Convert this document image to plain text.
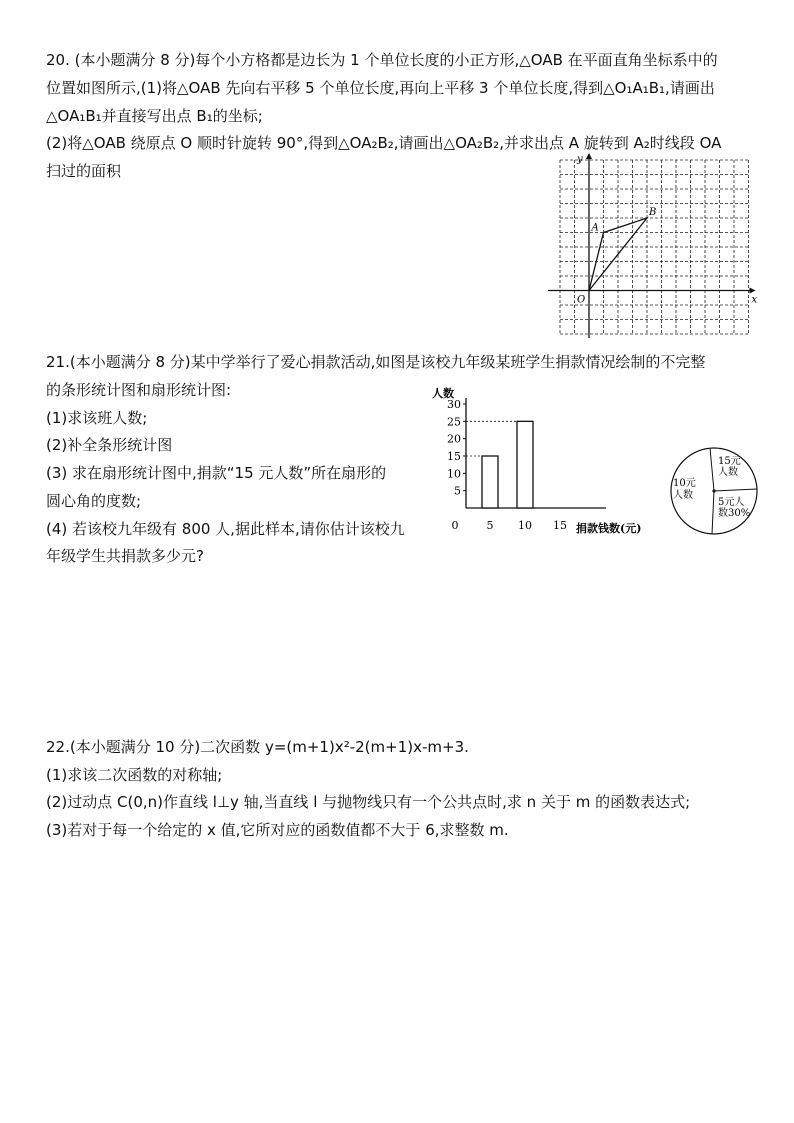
20. (本小题满分 8 分)每个小方格都是边长为 1 个单位长度的小正方形,△OAB 在平面直角坐标系中的
位置如图所示,(1)将△OAB 先向右平移 5 个单位长度,再向上平移 3 个单位长度,得到△O₁A₁B₁,请画出
△OA₁B₁并直接写出点 B₁的坐标;
(2)将△OAB 绕原点 O 顺时针旋转 90°,得到△OA₂B₂,请画出△OA₂B₂,并求出点 A 旋转到 A₂时线段 OA
扫过的面积
y
x
O
A
B
21.(本小题满分 8 分)某中学举行了爱心捐款活动,如图是该校九年级某班学生捐款情况绘制的不完整
的条形统计图和扇形统计图:
(1)求该班人数;
(2)补全条形统计图
(3) 求在扇形统计图中,捐款“15 元人数”所在扇形的
圆心角的度数;
(4) 若该校九年级有 800 人,据此样本,请你估计该校九
年级学生共捐款多少元?
5
10
15
20
25
30
0	5 10 15
人数
捐款钱数(元)
15元
人数
10元
人数
5元人
数30%
22.(本小题满分 10 分)二次函数 y=(m+1)x²-2(m+1)x-m+3.
(1)求该二次函数的对称轴;
(2)过动点 C(0,n)作直线 l⊥y 轴,当直线 l 与抛物线只有一个公共点时,求 n 关于 m 的函数表达式;
(3)若对于每一个给定的 x 值,它所对应的函数值都不大于 6,求整数 m.
